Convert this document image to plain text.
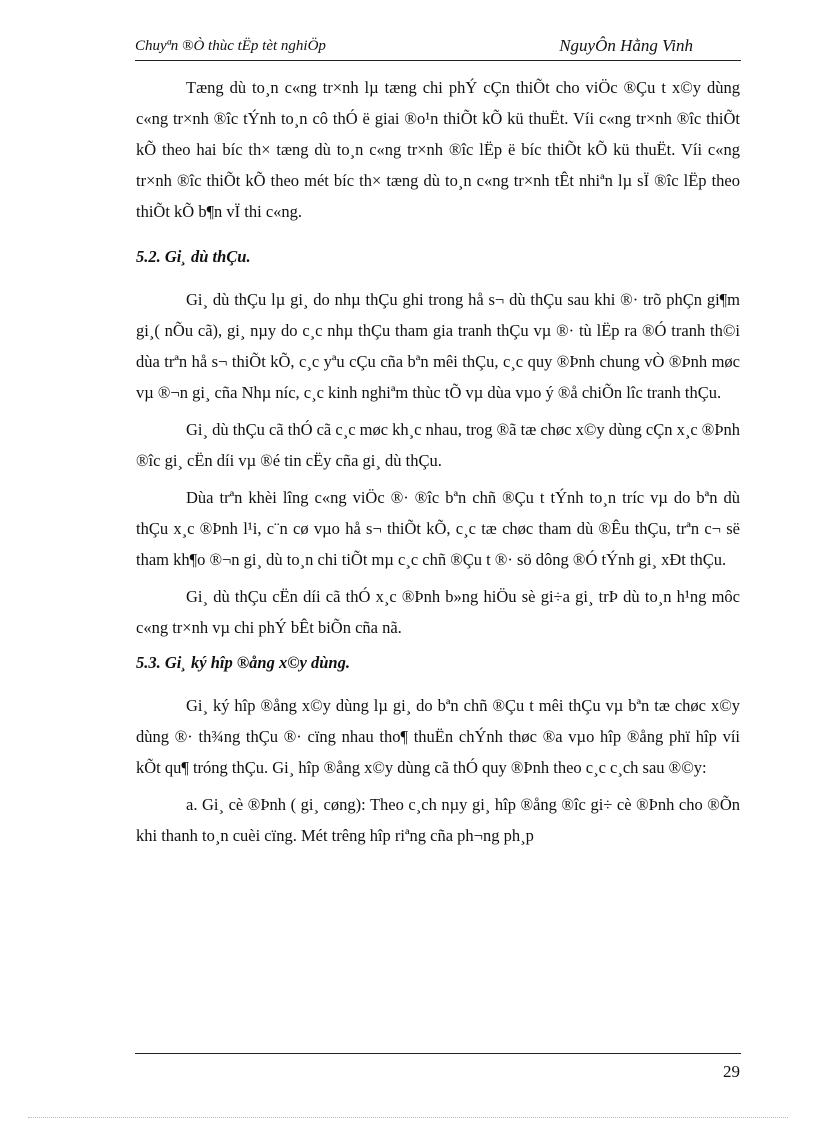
Chuyªn ®Ò thùc tËp tèt nghiÖp	NguyÔn Hằng Vinh

Tæng dù to¸n c«ng tr×nh lµ tæng chi phÝ cÇn thiÕt cho viÖc ®Çu t x©y dùng c«ng tr×nh ®îc tÝnh to¸n cô thÓ ë giai ®o¹n thiÕt kÕ kü thuËt. Víi c«ng tr×nh ®îc thiÕt kÕ theo hai bíc th× tæng dù to¸n c«ng tr×nh ®îc lËp ë bíc thiÕt kÕ kü thuËt. Víi c«ng tr×nh ®îc thiÕt kÕ theo mét bíc th× tæng dù to¸n c«ng tr×nh tÊt nhiªn lµ sÏ ®îc lËp theo thiÕt kÕ b¶n vÏ thi c«ng.

5.2. Gi¸ dù thÇu.

Gi¸ dù thÇu lµ gi¸ do nhµ thÇu ghi trong hå s¬ dù thÇu sau khi ®· trõ phÇn gi¶m gi¸( nÕu cã), gi¸ nµy do c¸c nhµ thÇu tham gia tranh thÇu vµ ®· tù lËp ra ®Ó tranh th©i dùa trªn hå s¬ thiÕt kÕ, c¸c yªu cÇu cña bªn mêi thÇu, c¸c quy ®Þnh chung vÒ ®Þnh møc vµ ®¬n gi¸ cña Nhµ níc, c¸c kinh nghiªm thùc tÕ vµ dùa vµo ý ®å chiÕn lîc tranh thÇu.

Gi¸ dù thÇu cã thÓ cã c¸c møc kh¸c nhau, trog ®ã tæ chøc x©y dùng cÇn x¸c ®Þnh ®îc gi¸ cËn díi vµ ®é tin cËy cña gi¸ dù thÇu.

Dùa trªn khèi lîng c«ng viÖc ®· ®îc bªn chñ ®Çu t tÝnh to¸n tríc vµ do bªn dù thÇu x¸c ®Þnh l¹i, c¨n cø vµo hå s¬ thiÕt kÕ, c¸c tæ chøc tham dù ®Êu thÇu, trªn c¬ së tham kh¶o ®¬n gi¸ dù to¸n chi tiÕt mµ c¸c chñ ®Çu t ®· sö dông ®Ó tÝnh gi¸ xÐt thÇu.

Gi¸ dù thÇu cËn díi cã thÓ x¸c ®Þnh b»ng hiÖu sè gi÷a gi¸ trÞ dù to¸n h¹ng môc c«ng tr×nh vµ chi phÝ bÊt biÕn cña nã.

5.3. Gi¸ ký hîp ®ång x©y dùng.

Gi¸ ký hîp ®ång x©y dùng lµ gi¸ do bªn chñ ®Çu t mêi thÇu vµ bªn tæ chøc x©y dùng ®· th¾ng thÇu ®· cïng nhau tho¶ thuËn chÝnh thøc ®a vµo hîp ®ång phï hîp víi kÕt qu¶ tróng thÇu. Gi¸ hîp ®ång x©y dùng cã thÓ quy ®Þnh theo c¸c c¸ch sau ®©y:

a. Gi¸ cè ®Þnh ( gi¸ cøng): Theo c¸ch nµy gi¸ hîp ®ång ®îc gi÷ cè ®Þnh cho ®Õn khi thanh to¸n cuèi cïng. Mét trêng hîp riªng cña ph¬ng ph¸p

29
